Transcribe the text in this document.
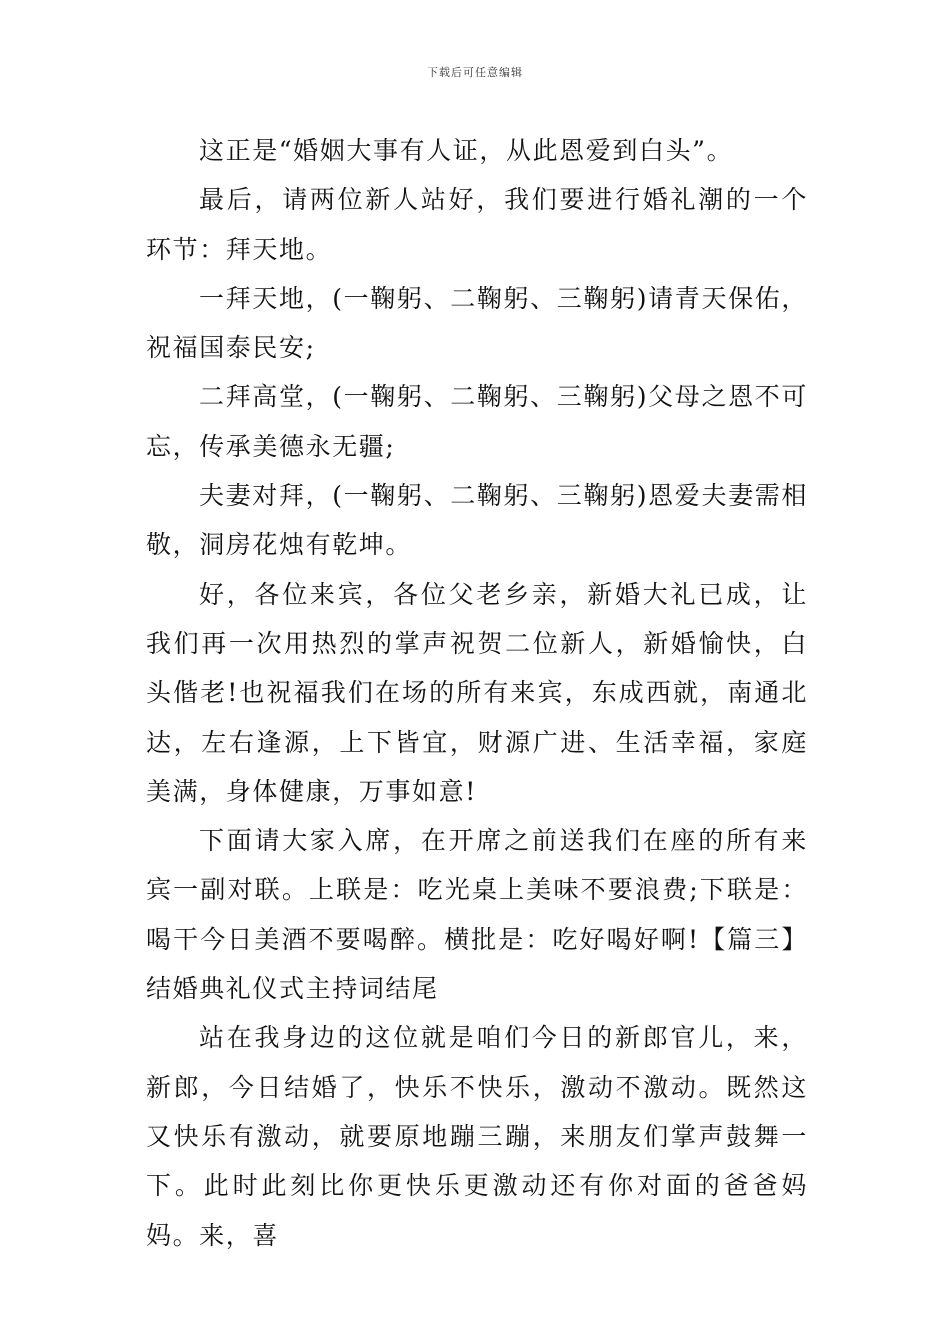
下载后可任意编辑

这正是“婚姻大事有人证，从此恩爱到白头”。

最后，请两位新人站好，我们要进行婚礼潮的一个环节：拜天地。

一拜天地，(一鞠躬、二鞠躬、三鞠躬)请青天保佑，祝福国泰民安;

二拜高堂，(一鞠躬、二鞠躬、三鞠躬)父母之恩不可忘，传承美德永无疆;

夫妻对拜，(一鞠躬、二鞠躬、三鞠躬)恩爱夫妻需相敬，洞房花烛有乾坤。

好，各位来宾，各位父老乡亲，新婚大礼已成，让我们再一次用热烈的掌声祝贺二位新人，新婚愉快，白头偕老!也祝福我们在场的所有来宾，东成西就，南通北达，左右逢源，上下皆宜，财源广进、生活幸福，家庭美满，身体健康，万事如意!

下面请大家入席，在开席之前送我们在座的所有来宾一副对联。上联是：吃光桌上美味不要浪费;下联是：喝干今日美酒不要喝醉。横批是：吃好喝好啊!【篇三】结婚典礼仪式主持词结尾

站在我身边的这位就是咱们今日的新郎官儿，来，新郎，今日结婚了，快乐不快乐，激动不激动。既然这又快乐有激动，就要原地蹦三蹦，来朋友们掌声鼓舞一下。此时此刻比你更快乐更激动还有你对面的爸爸妈妈。来，喜
